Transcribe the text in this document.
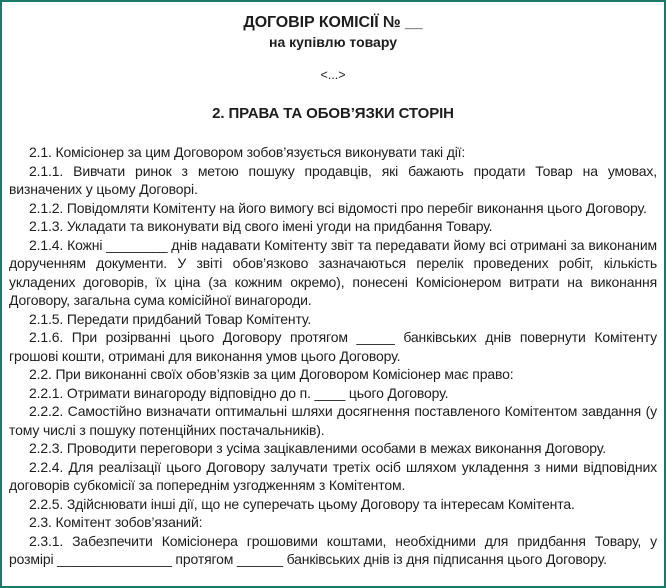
ДОГОВІР КОМІСІЇ № __
на купівлю товару
<...>
2. ПРАВА ТА ОБОВ’ЯЗКИ СТОРІН

2.1. Комісіонер за цим Договором зобов’язується виконувати такі дії:

2.1.1. Вивчати ринок з метою пошуку продавців, які бажають продати Товар на умовах, визначених у цьому Договорі.

2.1.2. Повідомляти Комітенту на його вимогу всі відомості про перебіг виконання цього Договору.

2.1.3. Укладати та виконувати від свого імені угоди на придбання Товару.

2.1.4. Кожні ________ днів надавати Комітенту звіт та передавати йому всі отримані за виконаним дорученням документи. У звіті обов’язково зазначаються перелік проведених робіт, кількість укладених договорів, їх ціна (за кожним окремо), понесені Комісіонером витрати на виконання Договору, загальна сума комісійної винагороди.

2.1.5. Передати придбаний Товар Комітенту.

2.1.6. При розірванні цього Договору протягом _____ банківських днів повернути Комітенту грошові кошти, отримані для виконання умов цього Договору.

2.2. При виконанні своїх обов’язків за цим Договором Комісіонер має право:

2.2.1. Отримати винагороду відповідно до п. ____ цього Договору.

2.2.2. Самостійно визначати оптимальні шляхи досягнення поставленого Комітентом завдання (у тому числі з пошуку потенційних постачальників).

2.2.3. Проводити переговори з усіма зацікавленими особами в межах виконання Договору.

2.2.4. Для реалізації цього Договору залучати третіх осіб шляхом укладення з ними відповідних договорів субкомісії за попереднім узгодженням з Комітентом.

2.2.5. Здійснювати інші дії, що не суперечать цьому Договору та інтересам Комітента.

2.3. Комітент зобов’язаний:

2.3.1. Забезпечити Комісіонера грошовими коштами, необхідними для придбання Товару, у розмірі _______________ протягом ______ банківських днів із дня підписання цього Договору.
